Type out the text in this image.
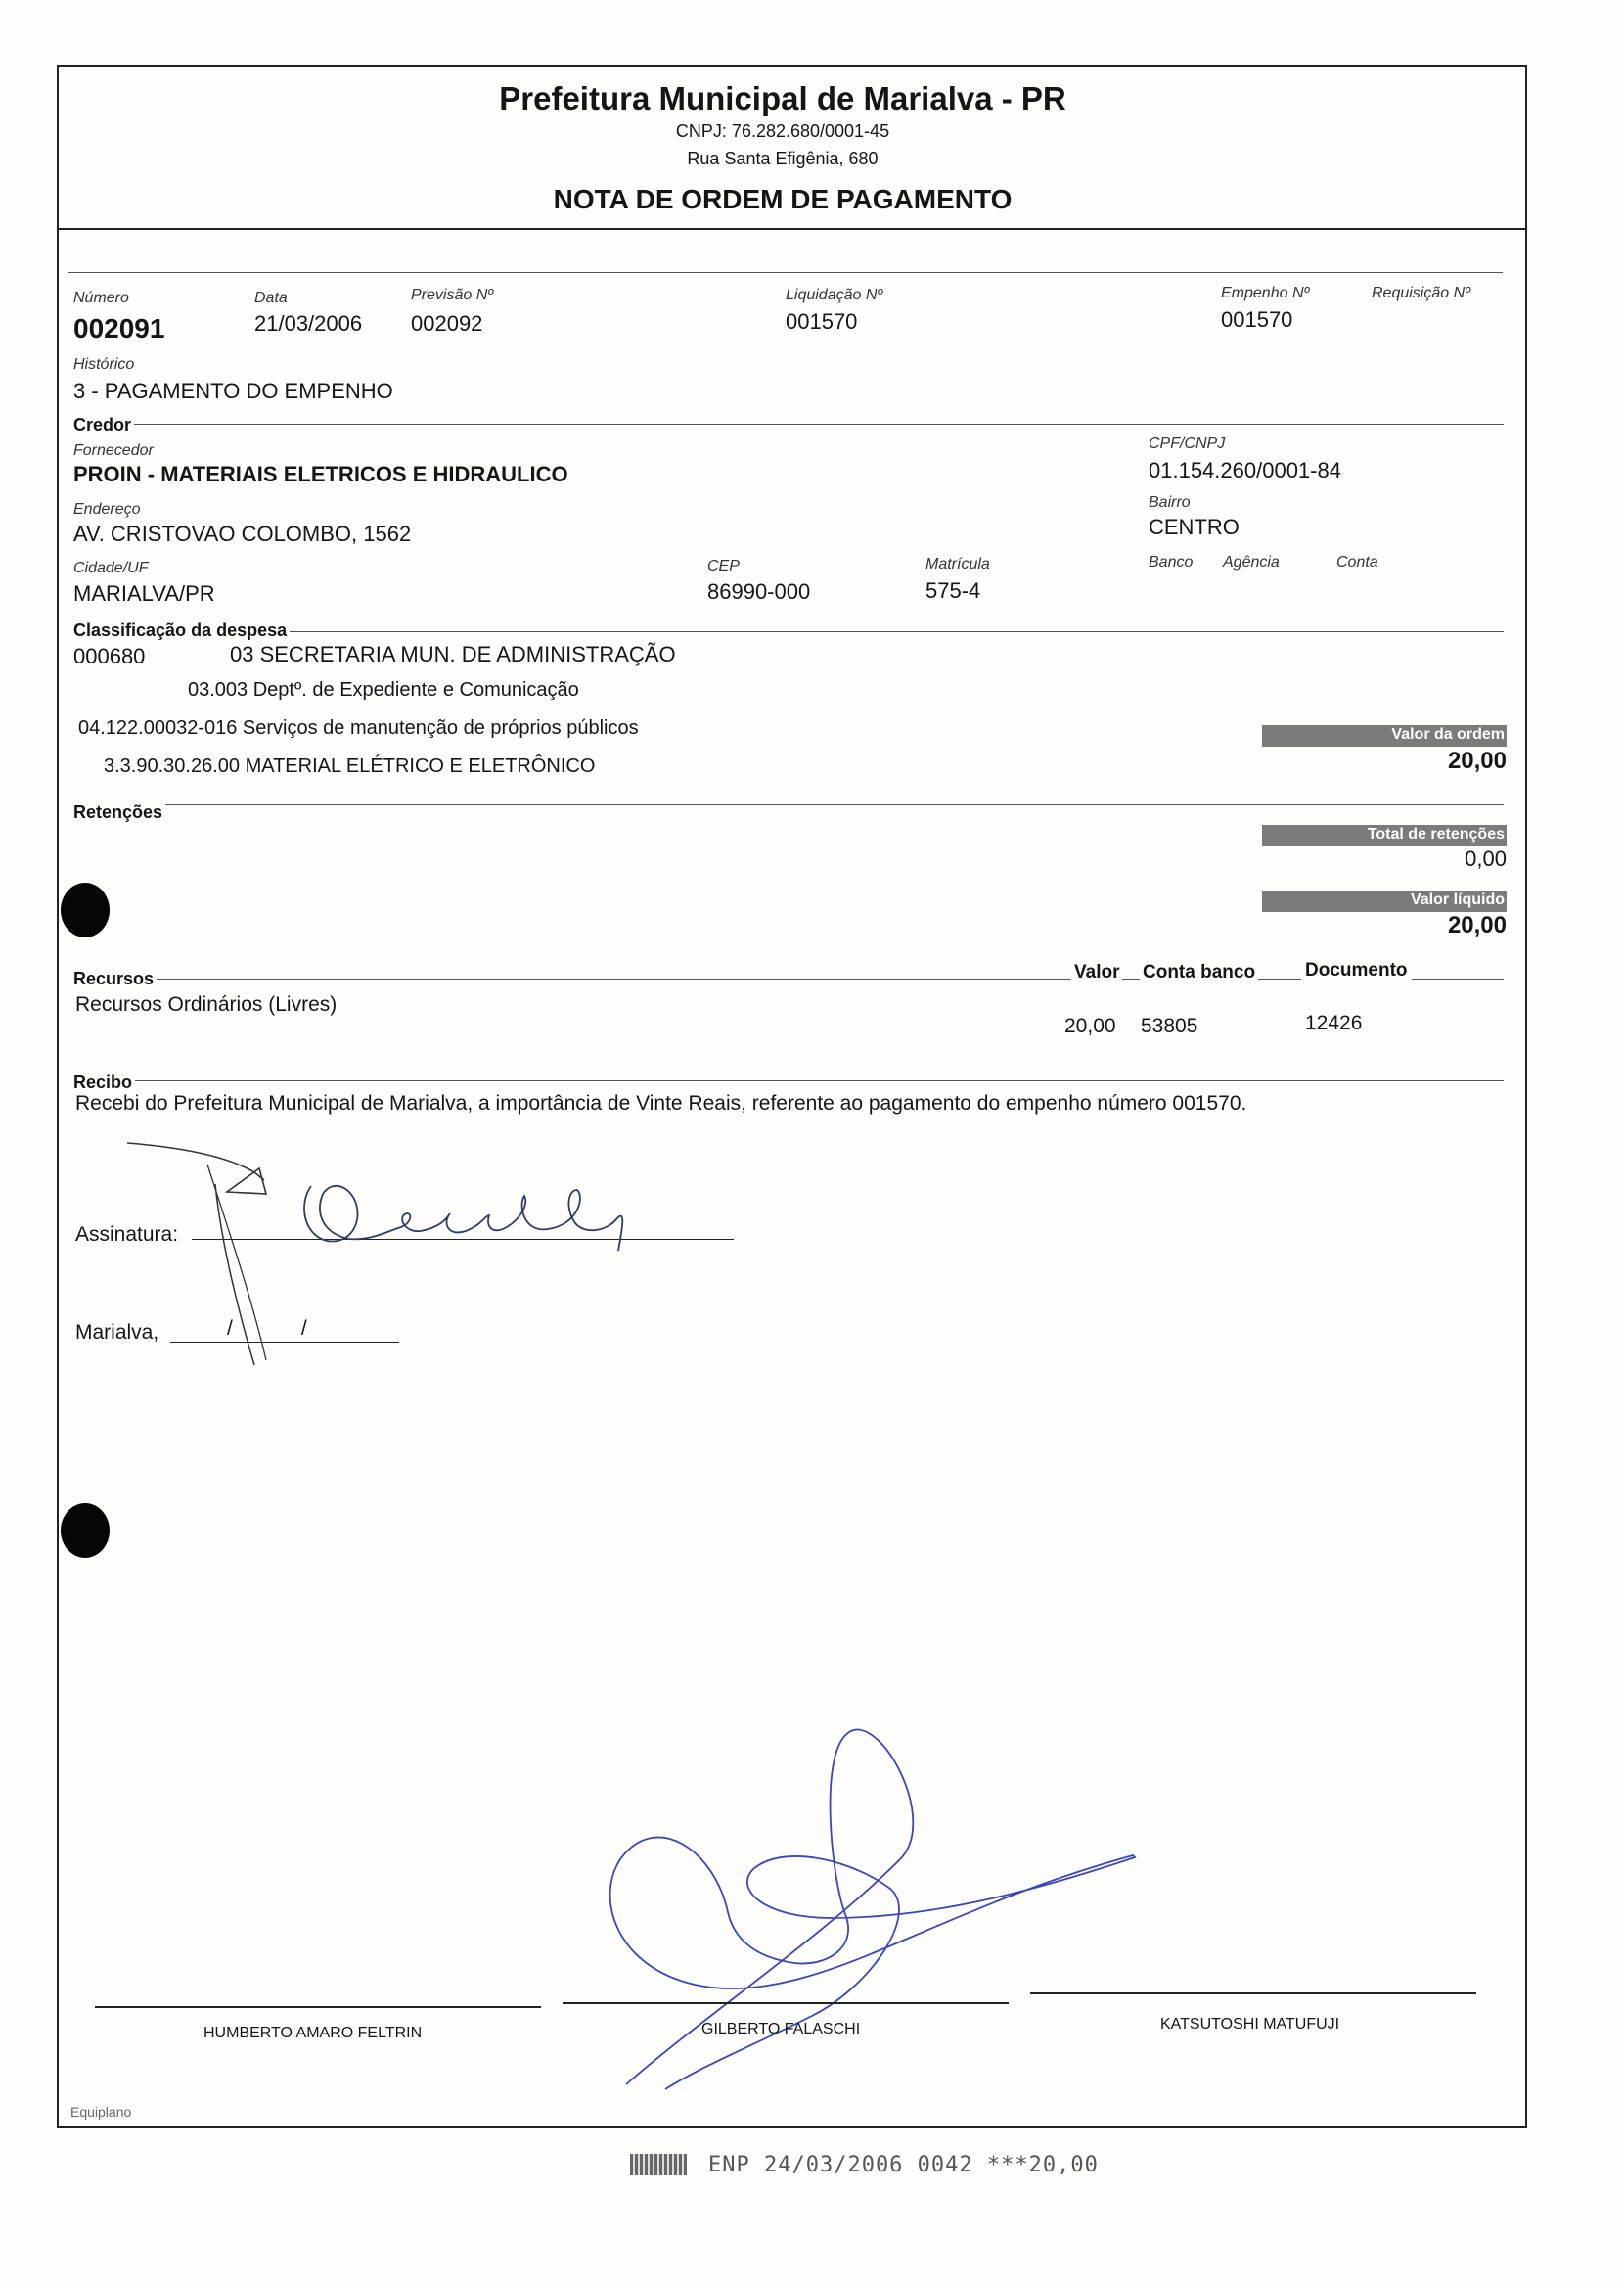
Prefeitura Municipal de Marialva - PR
CNPJ: 76.282.680/0001-45
Rua Santa Efigênia, 680
NOTA DE ORDEM DE PAGAMENTO
Número
002091
Data
21/03/2006
Previsão Nº
002092
Liquidação Nº
001570
Empenho Nº
001570
Requisição Nº
Histórico
3 - PAGAMENTO DO EMPENHO
Credor
Fornecedor
PROIN - MATERIAIS ELETRICOS E HIDRAULICO
CPF/CNPJ
01.154.260/0001-84
Endereço
AV. CRISTOVAO COLOMBO, 1562
Bairro
CENTRO
Cidade/UF
MARIALVA/PR
CEP
86990-000
Matrícula
575-4
Banco Agência	Conta
Classificação da despesa
000680	03 SECRETARIA MUN. DE ADMINISTRAÇÃO
03.003 Deptº. de Expediente e Comunicação
04.122.00032-016 Serviços de manutenção de próprios públicos
3.3.90.30.26.00 MATERIAL ELÉTRICO E ELETRÔNICO
Valor da ordem
20,00
Retenções
Total de retenções
0,00
Valor líquido
20,00
Recursos	Valor Conta banco	Documento
Recursos Ordinários (Livres)
20,00 53805	12426
Recibo
Recebi do Prefeitura Municipal de Marialva, a importância de Vinte Reais, referente ao pagamento do empenho número 001570.
Assinatura:
Marialva,	/            /
HUMBERTO AMARO FELTRIN	GILBERTO FALASCHI	KATSUTOSHI MATUFUJI
Equiplano
ENP 24/03/2006 0042 ***20,00
